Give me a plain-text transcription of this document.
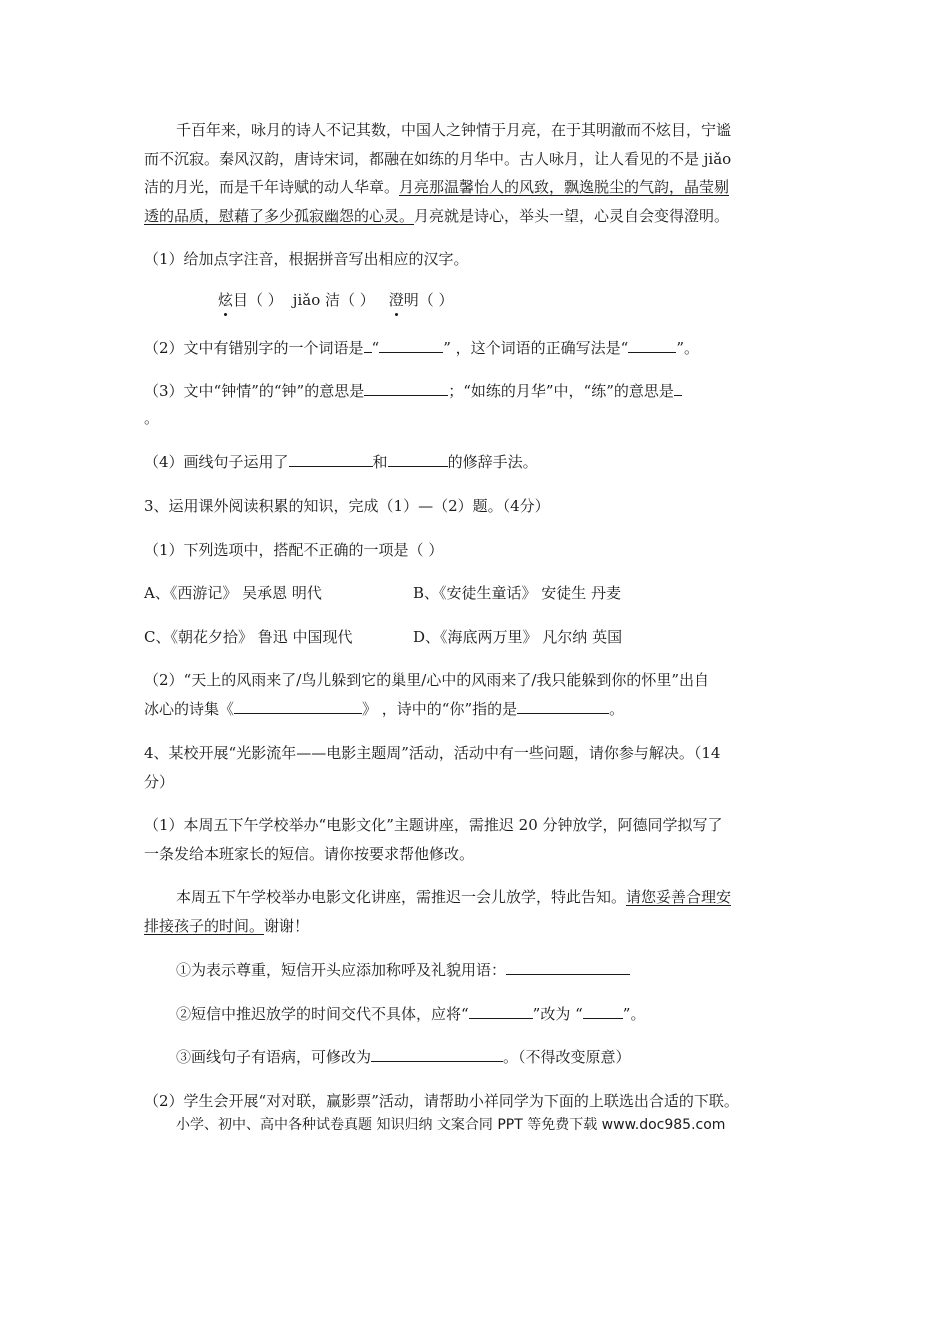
千百年来，咏月的诗人不记其数，中国人之钟情于月亮，在于其明澈而不炫目，宁谧
而不沉寂。秦风汉韵，唐诗宋词，都融在如练的月华中。古人咏月，让人看见的不是 jiǎo
洁的月光，而是千年诗赋的动人华章。月亮那温馨怡人的风致，飘逸脱尘的气韵，晶莹剔
透的品质，慰藉了多少孤寂幽怨的心灵。月亮就是诗心，举头一望，心灵自会变得澄明。
（1）给加点字注音，根据拼音写出相应的汉字。
炫目（ ） jiǎo 洁（ ） 澄明（ ）
（2）文中有错别字的一个词语是 “	” ，这个词语的正确写法是“	”。
（3）文中“钟情”的“钟”的意思是	；“如练的月华”中，“练”的意思是
。
（4）画线句子运用了	和	的修辞手法。
3、运用课外阅读积累的知识，完成（1）—（2）题。（4分）
（1）下列选项中，搭配不正确的一项是（ ）
A、《西游记》 吴承恩 明代	B、《安徒生童话》 安徒生 丹麦
C、《朝花夕拾》 鲁迅 中国现代	D、《海底两万里》 凡尔纳 英国
（2）“天上的风雨来了/鸟儿躲到它的巢里/心中的风雨来了/我只能躲到你的怀里”出自
冰心的诗集《	》 ，诗中的“你”指的是	。
4、某校开展“光影流年——电影主题周”活动，活动中有一些问题，请你参与解决。（14
分）
（1）本周五下午学校举办“电影文化”主题讲座，需推迟 20 分钟放学，阿德同学拟写了
一条发给本班家长的短信。请你按要求帮他修改。
本周五下午学校举办电影文化讲座，需推迟一会儿放学，特此告知。请您妥善合理安
排接孩子的时间。谢谢！
①为表示尊重，短信开头应添加称呼及礼貌用语：
②短信中推迟放学的时间交代不具体，应将“	”改为 “	”。
③画线句子有语病，可修改为	。（不得改变原意）
（2）学生会开展“对对联，赢影票”活动，请帮助小祥同学为下面的上联选出合适的下联。
小学、初中、高中各种试卷真题 知识归纳 文案合同 PPT 等免费下载 www.doc985.com
